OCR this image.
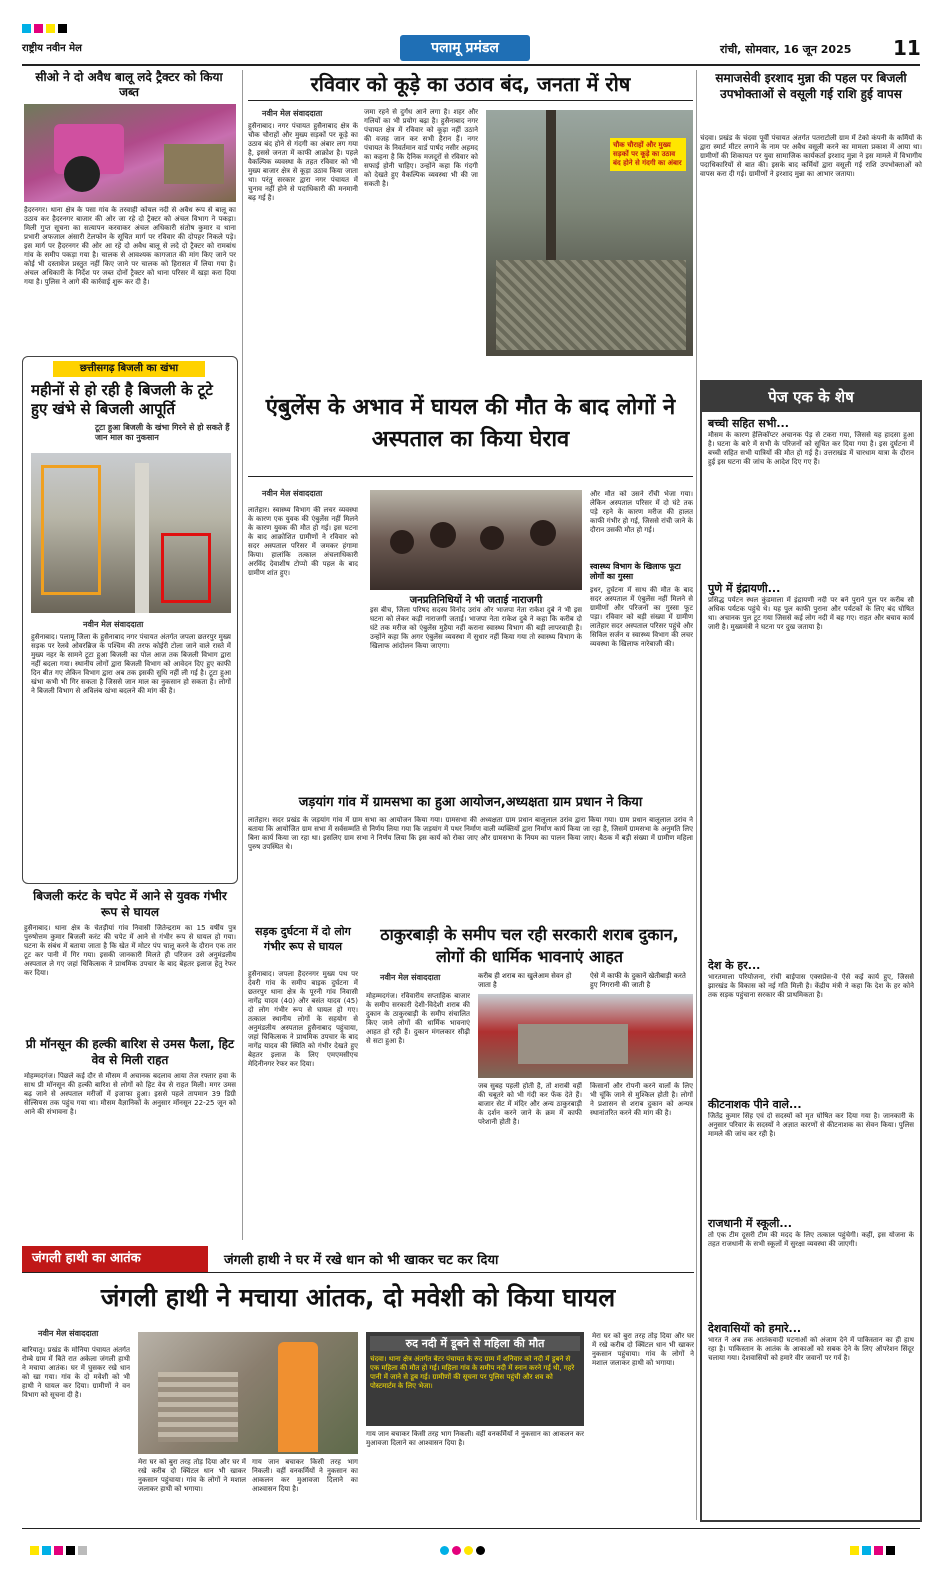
राष्ट्रीय नवीन मेल	पलामू प्रमंडल	रांची, सोमवार, 16 जून 2025 11
सीओ ने दो अवैध बालू लदे ट्रैक्टर को किया जब्त
हैदरनगर। थाना क्षेत्र के पसा गांव के तरवाही कोयल नदी से अवैध रूप से बालू का उठाव कर हैदरनगर बाजार की ओर जा रहे दो ट्रैक्टर को अंचल विभाग ने पकड़ा। मिली गुप्त सूचना का सत्यापन करवाकर अंचल अधिकारी संतोष कुमार व थाना प्रभारी अफजाल अंसारी टेलफोन के सूचित मार्ग पर रविवार की दोपहर निकले पड़े। इस मार्ग पर हैदरनगर की ओर आ रहे दो अवैध बालू से लदे दो ट्रैक्टर को रामबांध गांव के समीप पकड़ा गया है। चालक से आवश्यक कागजात की मांग किए जाने पर कोई भी दस्तावेज प्रस्तुत नहीं किए जाने पर चालक को हिरासत में लिया गया है। अंचल अधिकारी के निर्देश पर जब्त दोनों ट्रैक्टर को थाना परिसर में खड़ा करा दिया गया है। पुलिस ने आगे की कार्रवाई शुरू कर दी है।
छत्तीसगढ़ बिजली का खंभा
महीनों से हो रही है बिजली के टूटे हुए खंभे से बिजली आपूर्ति
टूटा हुआ बिजली के खंभा गिरने से हो सकते हैं जान माल का नुकसान
नवीन मेल संवाददाता
हुसैनाबाद। पलामू जिला के हुसैनाबाद नगर पंचायत अंतर्गत जपला छतरपुर मुख्य सड़क पर रेलवे ओवरब्रिज के पश्चिम की तरफ कोईरी टोला जाने वाले रास्ते में मुख्य नहर के सामने टूटा हुआ बिजली का पोल आज तक बिजली विभाग द्वारा नहीं बदला गया। स्थानीय लोगों द्वारा बिजली विभाग को आवेदन दिए हुए काफी दिन बीत गए लेकिन विभाग द्वारा अब तक इसकी सुधि नहीं ली गई है। टूटा हुआ खंभा कभी भी गिर सकता है जिससे जान माल का नुकसान हो सकता है। लोगों ने बिजली विभाग से अविलंब खंभा बदलने की मांग की है।
बिजली करंट के चपेट में आने से युवक गंभीर रूप से घायल
हुसैनाबाद। थाना क्षेत्र के चेतड़ीयां गांव निवासी जितेन्द्रराम का 15 वर्षीय पुत्र पुरुषोत्तम कुमार बिजली करंट की चपेट में आने से गंभीर रूप से घायल हो गया। घटना के संबंध में बताया जाता है कि खेत में मोटर पंप चालू करने के दौरान एक तार टूट कर पानी में गिर गया। इसकी जानकारी मिलते ही परिजन उसे अनुमंडलीय अस्पताल ले गए जहां चिकित्सक ने प्राथमिक उपचार के बाद बेहतर इलाज हेतु रेफर कर दिया।
प्री मॉनसून की हल्की बारिश से उमस फैला, हिट वेव से मिली राहत
मोहम्मदगंज। पिछले कई दौर से मौसम में अचानक बदलाव आया तेज रफ्तार हवा के साथ प्री मॉनसून की हल्की बारिश से लोगों को हिट वेव से राहत मिली। मगर उमस बढ़ जाने से अस्पताल मरीजों में इजाफा हुआ। इससे पहले तापमान 39 डिग्री सेल्सियस तक पहुंच गया था। मौसम वैज्ञानिकों के अनुसार मॉनसून 22-25 जून को आने की संभावना है।
रविवार को कूड़े का उठाव बंद, जनता में रोष
नवीन मेल संवाददाता
हुसैनाबाद। नगर पंचायत हुसैनाबाद क्षेत्र के चौक चौराहों और मुख्य सड़कों पर कूड़े का उठाव बंद होने से गंदगी का अंबार लग गया है, इससे जनता में काफी आक्रोश है। पहले वैकल्पिक व्यवस्था के तहत रविवार को भी मुख्य बाजार क्षेत्र से कूड़ा उठाव किया जाता था। परंतु सरकार द्वारा नगर पंचायत में चुनाव नहीं होने से पदाधिकारी की मनमानी बढ़ गई है।
जमा रहने से दुर्गंध आने लगा है। शहर और गलियों का भी प्रयोग बढ़ा है। हुसैनाबाद नगर पंचायत क्षेत्र में रविवार को कूड़ा नहीं उठाने की वजह जान कर सभी हैरान हैं। नगर पंचायत के निवर्तमान वार्ड पार्षद नसीर अहमद का कहना है कि दैनिक मजदूरों से रविवार को सफाई होनी चाहिए। उन्होंने कहा कि गंदगी को देखते हुए वैकल्पिक व्यवस्था भी की जा सकती है।
चौक चौराहों और मुख्य सड़कों पर कूड़े का उठाव बंद होने से गंदगी का अंबार
समाजसेवी इरशाद मुन्ना की पहल पर बिजली उपभोक्ताओं से वसूली गई राशि हुई वापस
चंदवा। प्रखंड के चंदवा पूर्वी पंचायत अंतर्गत पतराटोली ग्राम में टेको कंपनी के कर्मियों के द्वारा स्मार्ट मीटर लगाने के नाम पर अवैध वसूली करने का मामला प्रकाश में आया था। ग्रामीणों की शिकायत पर युवा सामाजिक कार्यकर्ता इरशाद मुन्ना ने इस मामले में विभागीय पदाधिकारियों से बात की। इसके बाद कर्मियों द्वारा वसूली गई राशि उपभोक्ताओं को वापस करा दी गई। ग्रामीणों ने इरशाद मुन्ना का आभार जताया।
एंबुलेंस के अभाव में घायल की मौत के बाद लोगों ने अस्पताल का किया घेराव
नवीन मेल संवाददाता
लातेहार। स्वास्थ्य विभाग की लचर व्यवस्था के कारण एक युवक की एंबुलेंस नहीं मिलने के कारण युवक की मौत हो गई। इस घटना के बाद आक्रोशित ग्रामीणों ने रविवार को सदर अस्पताल परिसर में जमकर हंगामा किया। हालांकि तत्काल अंचलाधिकारी अरविंद देवाशीष टोप्पो की पहल के बाद ग्रामीण शांत हुए।
जनप्रतिनिधियों ने भी जताई नाराजगी
इस बीच, जिला परिषद सदस्य विनोद उरांव और भाजपा नेता राकेश दुबे ने भी इस घटना को लेकर कड़ी नाराजगी जताई। भाजपा नेता राकेश दुबे ने कहा कि करीब दो घंटे तक मरीज को एंबुलेंस मुहैया नहीं कराना स्वास्थ्य विभाग की बड़ी लापरवाही है। उन्होंने कहा कि अगर एंबुलेंस व्यवस्था में सुधार नहीं किया गया तो स्वास्थ्य विभाग के खिलाफ आंदोलन किया जाएगा।
और मौत को उसने राँची भेजा गया। लेकिन अस्पताल परिसर में दो घंटे तक पड़े रहने के कारण मरीज की हालत काफी गंभीर हो गई, जिससे रांची जाने के दौरान उसकी मौत हो गई।
स्वास्थ्य विभाग के खिलाफ फूटा लोगों का गुस्सा
इधर, दुर्घटना में साथ की मौत के बाद सदर अस्पताल में एंबुलेंस नहीं मिलने से ग्रामीणों और परिजनों का गुस्सा फूट पड़ा। रविवार को बड़ी संख्या में ग्रामीण लातेहार सदर अस्पताल परिसर पहुंचे और सिविल सर्जन व स्वास्थ्य विभाग की लचर व्यवस्था के खिलाफ नारेबाजी की।
जड़यांग गांव में ग्रामसभा का हुआ आयोजन,अध्यक्षता ग्राम प्रधान ने किया
लातेहार। सदर प्रखंड के जड़यांग गांव में ग्राम सभा का आयोजन किया गया। ग्रामसभा की अध्यक्षता ग्राम प्रधान बालूलाल उरांव द्वारा किया गया। ग्राम प्रधान बालूलाल उरांव ने बताया कि आयोजित ग्राम सभा में सर्वसम्मति से निर्णय लिया गया कि जड़यांग में पथर निर्माण वाली व्यक्तियों द्वारा निर्माण कार्य किया जा रहा है, जिसमें ग्रामसभा के अनुमति लिए बिना कार्य किया जा रहा था। इसलिए ग्राम सभा ने निर्णय लिया कि इस कार्य को रोका जाए और ग्रामसभा के नियम का पालन किया जाए। बैठक में बड़ी संख्या में ग्रामीण महिला पुरुष उपस्थित थे।
सड़क दुर्घटना में दो लोग गंभीर रूप से घायल
हुसैनाबाद। जपला हैदरनगर मुख्य पथ पर देवरी गांव के समीप बाइक दुर्घटना में छतरपुर थाना क्षेत्र के पूरनी गांव निवासी नागेंद्र यादव (40) और बसंत यादव (45) दो लोग गंभीर रूप से घायल हो गए। तत्काल स्थानीय लोगों के सहयोग से अनुमंडलीय अस्पताल हुसैनाबाद पहुंचाया, जहां चिकित्सक ने प्राथमिक उपचार के बाद नागेंद्र यादव की स्थिति को गंभीर देखते हुए बेहतर इलाज के लिए एमएमसीएच मेदिनीनगर रेफर कर दिया।
ठाकुरबाड़ी के समीप चल रही सरकारी शराब दुकान, लोगों की धार्मिक भावनाएं आहत
नवीन मेल संवाददाता	करीब ही शराब का खुलेआम सेवन हो जाता है
ऐसे में काफी के दुकानें खेतीबाड़ी करते हुए निगरानी की जाती है
मोहम्मदगंज। रविवारीय सप्ताहिक बाजार के समीप सरकारी देशी-विदेशी शराब की दुकान के ठाकुरबाड़ी के समीप संचालित किए जाने लोगों की धार्मिक भावनाएं आहत हो रही हैं। दुकान मंगलकार सीढ़ी से सटा हुआ है।
जब सुबह पहली होती है, तो शराबी वहीं की चबूतरे को भी गंदी कर फेंक देते हैं। बाजार सेट में मंदिर और अन्य ठाकुरबाड़ी के दर्शन करने जाने के क्रम में काफी परेशानी होती है।
किसानों और रोपनी करने वालों के लिए भी चूंकि जाने से मुश्किल होती है। लोगों ने प्रशासन से शराब दुकान को अन्यत्र स्थानांतरित करने की मांग की है।
जंगली हाथी का आतंक	जंगली हाथी ने घर में रखे धान को भी खाकर चट कर दिया
जंगली हाथी ने मचाया आंतक, दो मवेशी को किया घायल
नवीन मेल संवाददाता
बारियातू। प्रखंड के मोनिया पंचायत अंतर्गत रोम्बे ग्राम में बिते रात अकेला जंगली हाथी ने मचाया आतंक। घर में घुसकर रखे धान को खा गया। गांव के दो मवेशी को भी हाथी ने घायल कर दिया। ग्रामीणों ने वन विभाग को सूचना दी है।
मेरा घर को बुरा तरह तोड़ दिया और घर में रखे करीब दो क्विंटल धान भी खाकर नुकसान पहुंचाया। गांव के लोगों ने मशाल जलाकर हाथी को भगाया।
गाय जान बचाकर किसी तरह भाग निकली। वहीं वनकर्मियों ने नुकसान का आकलन कर मुआवजा दिलाने का आश्वासन दिया है।
रुद नदी में डूबने से महिला की मौत
चंदवा। थाना क्षेत्र अंतर्गत बेटर पंचायत के रुद ग्राम में शनिवार को नदी में डूबने से एक महिला की मौत हो गई। महिला गांव के समीप नदी में स्नान करने गई थी, गहरे पानी में जाने से डूब गई। ग्रामीणों की सूचना पर पुलिस पहुंची और शव को पोस्टमार्टम के लिए भेजा।
गाय जान बचाकर किसी तरह भाग निकली। वहीं वनकर्मियों ने नुकसान का आकलन कर मुआवजा दिलाने का आश्वासन दिया है।
मेरा घर को बुरा तरह तोड़ दिया और घर में रखे करीब दो क्विंटल धान भी खाकर नुकसान पहुंचाया। गांव के लोगों ने मशाल जलाकर हाथी को भगाया।
पेज एक के शेष
बच्ची सहित सभी...
मौसम के कारण हेलिकॉप्टर अचानक पेड़ से टकरा गया, जिससे यह हादसा हुआ है। घटना के बारे में सभी के परिजनों को सूचित कर दिया गया है। इस दुर्घटना में बच्ची सहित सभी यात्रियों की मौत हो गई है। उत्तराखंड में चारधाम यात्रा के दौरान हुई इस घटना की जांच के आदेश दिए गए हैं।
पुणे में इंद्रायणी...
प्रसिद्ध पर्यटन स्थल कुंडमाला में इंद्रायणी नदी पर बने पुराने पुल पर करीब सौ अधिक पर्यटक पहुंचे थे। यह पुल काफी पुराना और पर्यटकों के लिए बंद घोषित था। अचानक पुल टूट गया जिससे कई लोग नदी में बह गए। राहत और बचाव कार्य जारी है। मुख्यमंत्री ने घटना पर दुख जताया है।
देश के हर...
भारतमाला परियोजना, रांची बाईपास एक्सप्रेस-वे ऐसे कई कार्य हुए, जिससे झारखंड के विकास को नई गति मिली है। केंद्रीय मंत्री ने कहा कि देश के हर कोने तक सड़क पहुंचाना सरकार की प्राथमिकता है।
कीटनाशक पीने वाले...
जितेंद्र कुमार सिंह एवं दो सदस्यों को मृत घोषित कर दिया गया है। जानकारी के अनुसार परिवार के सदस्यों ने अज्ञात कारणों से कीटनाशक का सेवन किया। पुलिस मामले की जांच कर रही है।
राजधानी में स्कूली...
तो एक टीम दूसरी टीम की मदद के लिए तत्काल पहुंचेगी। कहीं, इस योजना के तहत राजधानी के सभी स्कूलों में सुरक्षा व्यवस्था की जाएगी।
देशवासियों को हमारे...
भारत ने अब तक आतंकवादी घटनाओं को अंजाम देने में पाकिस्तान का ही हाथ रहा है। पाकिस्तान के आतंक के आकाओं को सबक देने के लिए ऑपरेशन सिंदूर चलाया गया। देशवासियों को हमारे वीर जवानों पर गर्व है।
